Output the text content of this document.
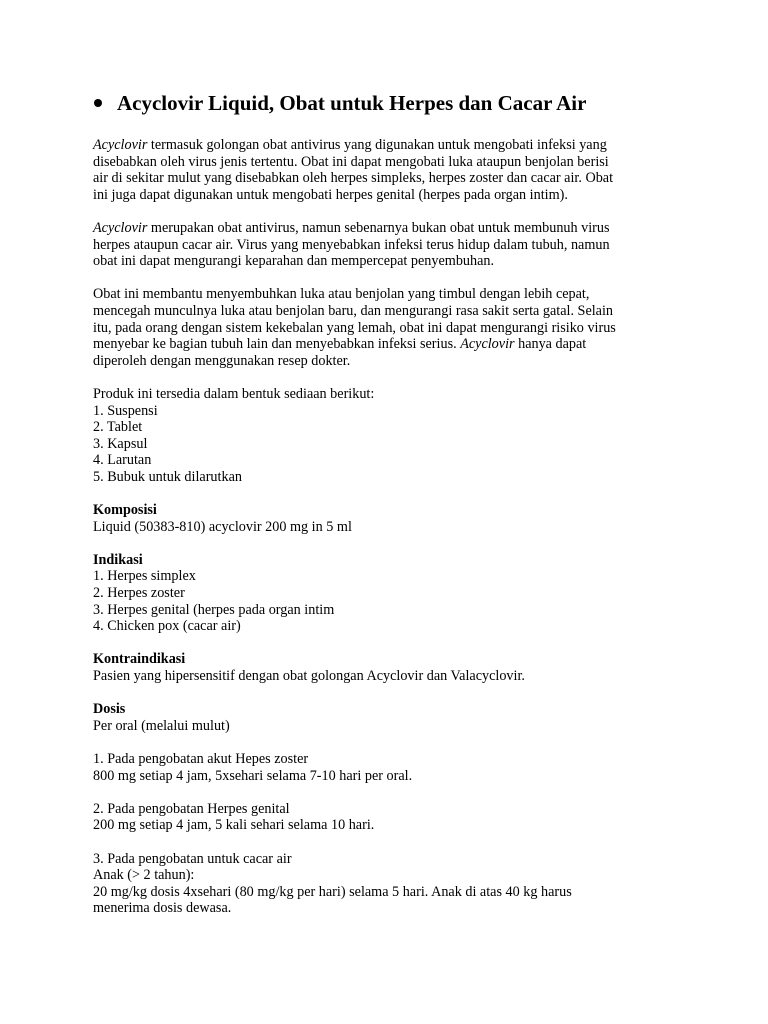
Acyclovir Liquid, Obat untuk Herpes dan Cacar Air

Acyclovir termasuk golongan obat antivirus yang digunakan untuk mengobati infeksi yang
disebabkan oleh virus jenis tertentu. Obat ini dapat mengobati luka ataupun benjolan berisi
air di sekitar mulut yang disebabkan oleh herpes simpleks, herpes zoster dan cacar air. Obat
ini juga dapat digunakan untuk mengobati herpes genital (herpes pada organ intim).

Acyclovir merupakan obat antivirus, namun sebenarnya bukan obat untuk membunuh virus
herpes ataupun cacar air. Virus yang menyebabkan infeksi terus hidup dalam tubuh, namun
obat ini dapat mengurangi keparahan dan mempercepat penyembuhan.

Obat ini membantu menyembuhkan luka atau benjolan yang timbul dengan lebih cepat,
mencegah munculnya luka atau benjolan baru, dan mengurangi rasa sakit serta gatal. Selain
itu, pada orang dengan sistem kekebalan yang lemah, obat ini dapat mengurangi risiko virus
menyebar ke bagian tubuh lain dan menyebabkan infeksi serius. Acyclovir hanya dapat
diperoleh dengan menggunakan resep dokter.

Produk ini tersedia dalam bentuk sediaan berikut:
1. Suspensi
2. Tablet
3. Kapsul
4. Larutan
5. Bubuk untuk dilarutkan
Komposisi
Liquid (50383-810) acyclovir 200 mg in 5 ml
Indikasi
1. Herpes simplex
2. Herpes zoster
3. Herpes genital (herpes pada organ intim
4. Chicken pox (cacar air)
Kontraindikasi
Pasien yang hipersensitif dengan obat golongan Acyclovir dan Valacyclovir.
Dosis
Per oral (melalui mulut)
1. Pada pengobatan akut Hepes zoster
800 mg setiap 4 jam, 5xsehari selama 7-10 hari per oral.
2. Pada pengobatan Herpes genital
200 mg setiap 4 jam, 5 kali sehari selama 10 hari.
3. Pada pengobatan untuk cacar air
Anak (> 2 tahun):
20 mg/kg dosis 4xsehari (80 mg/kg per hari) selama 5 hari. Anak di atas 40 kg harus
menerima dosis dewasa.
